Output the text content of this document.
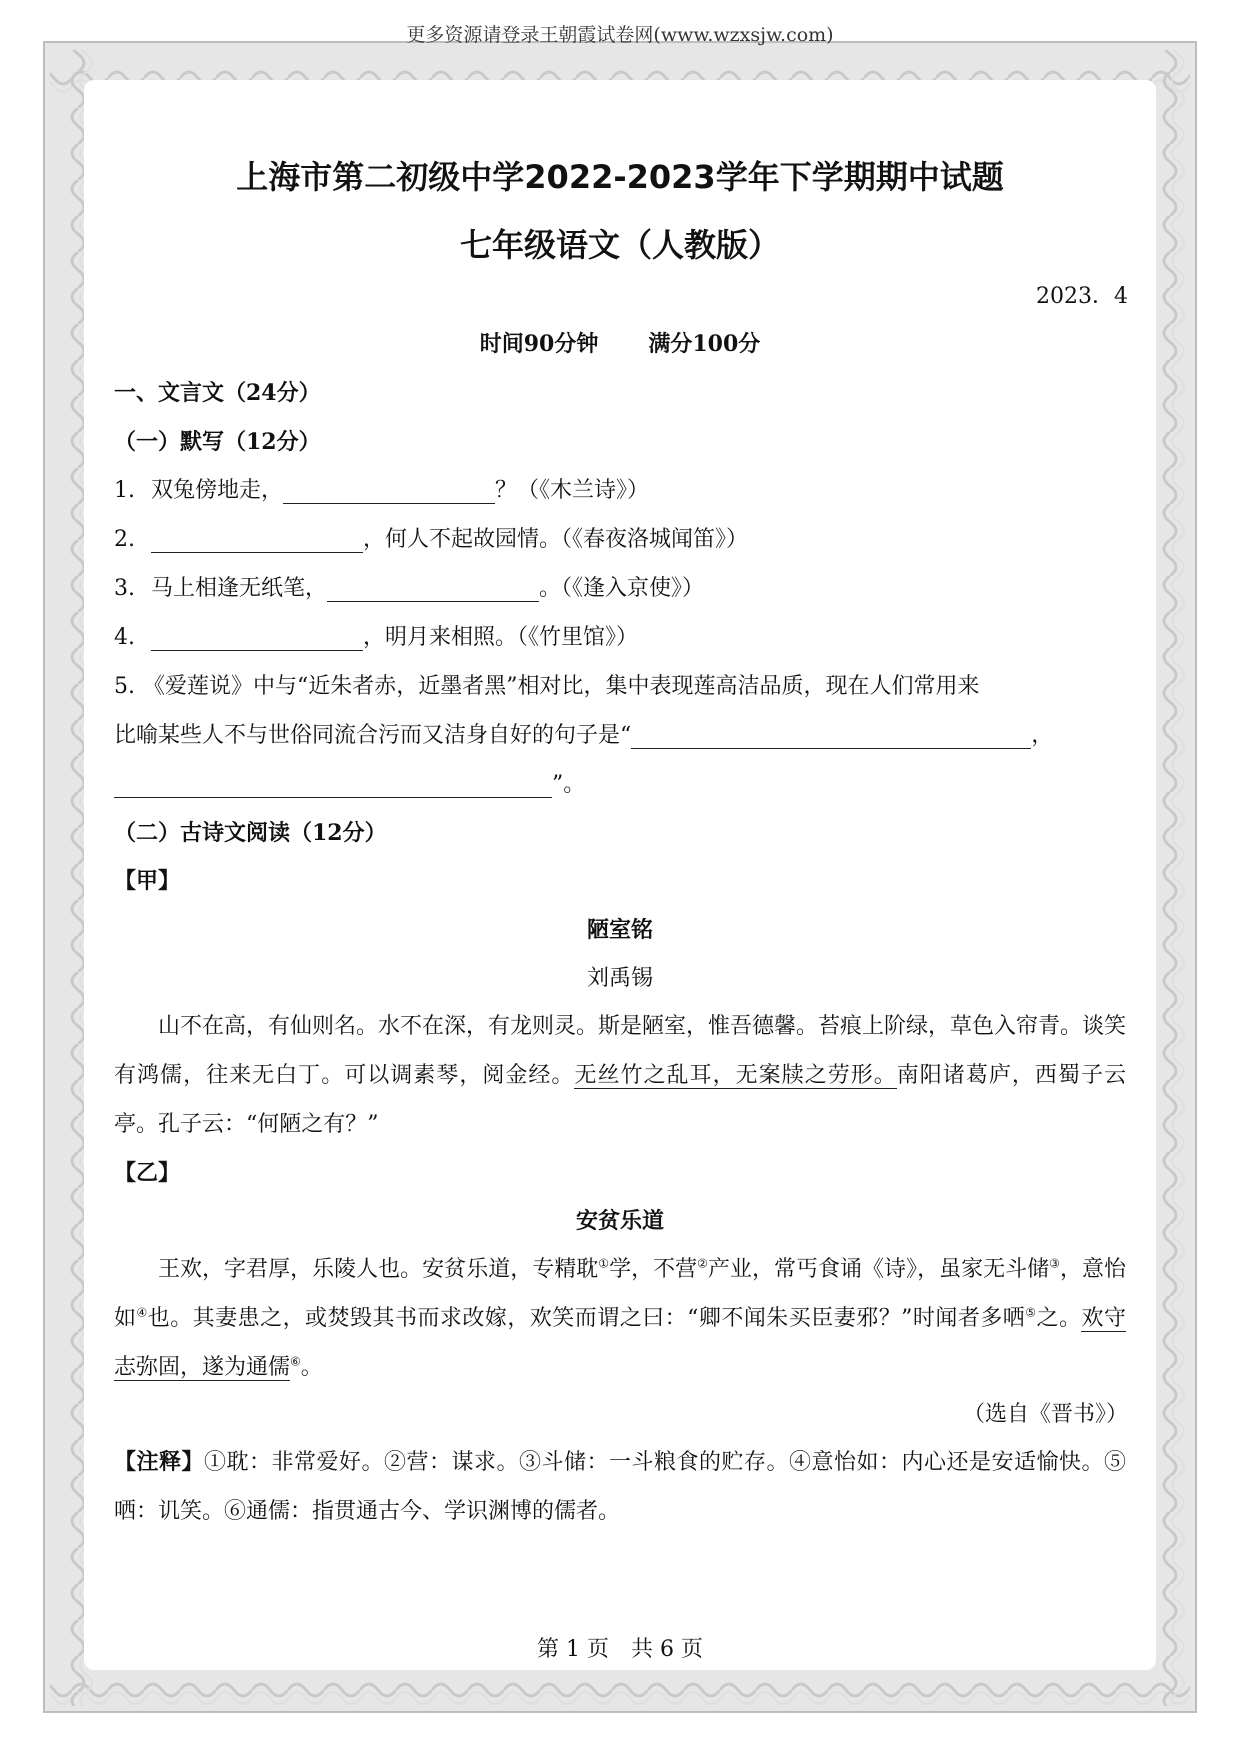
更多资源请登录王朝霞试卷网(www.wzxsjw.com)
上海市第二初级中学2022-2023学年下学期期中试题
七年级语文（人教版）
2023．4
时间90分钟 满分100分
一、文言文（24分）
（一）默写（12分）
1. 双兔傍地走，	？（《木兰诗》）
2.	，何人不起故园情。（《春夜洛城闻笛》）
3. 马上相逢无纸笔，	。（《逢入京使》）
4.	，明月来相照。（《竹里馆》）
5. 《爱莲说》中与“近朱者赤，近墨者黑”相对比，集中表现莲高洁品质，现在人们常用来
比喻某些人不与世俗同流合污而又洁身自好的句子是“	，
”。
（二）古诗文阅读（12分）
【甲】
陋室铭
刘禹锡
山不在高，有仙则名。水不在深，有龙则灵。斯是陋室，惟吾德馨。苔痕上阶绿，草色入帘青。谈笑有鸿儒，往来无白丁。可以调素琴，阅金经。无丝竹之乱耳，无案牍之劳形。南阳诸葛庐，西蜀子云亭。孔子云：“何陋之有？”
【乙】
安贫乐道
王欢，字君厚，乐陵人也。安贫乐道，专精耽①学，不营②产业，常丐食诵《诗》，虽家无斗储③，意怡如④也。其妻患之，或焚毁其书而求改嫁，欢笑而谓之曰：“卿不闻朱买臣妻邪？”时闻者多哂⑤之。欢守志弥固，遂为通儒⑥。
（选自《晋书》）
【注释】①耽：非常爱好。②营：谋求。③斗储：一斗粮食的贮存。④意怡如：内心还是安适愉快。⑤哂：讥笑。⑥通儒：指贯通古今、学识渊博的儒者。
第 1 页　共 6 页
